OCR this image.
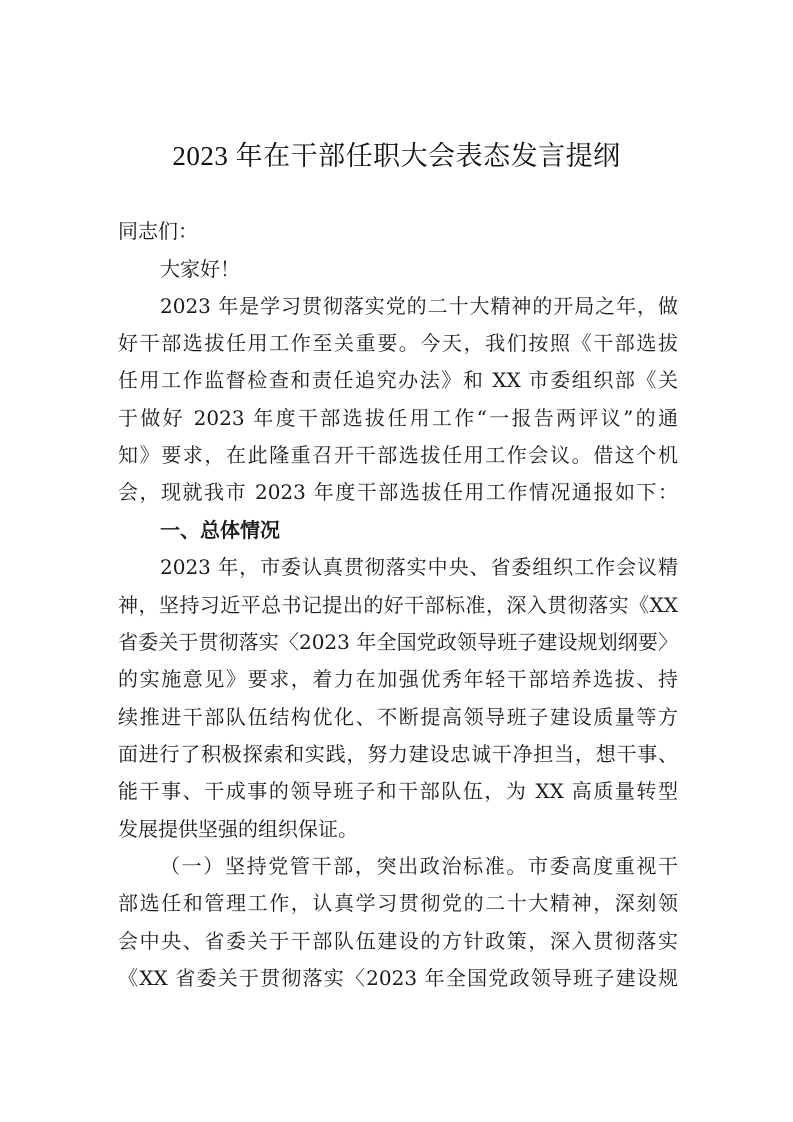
2023 年在干部任职大会表态发言提纲
同志们：
大家好！
2023 年是学习贯彻落实党的二十大精神的开局之年，做
好干部选拔任用工作至关重要。今天，我们按照《干部选拔
任用工作监督检查和责任追究办法》和 XX 市委组织部《关
于做好 2023 年度干部选拔任用工作“一报告两评议”的通
知》要求，在此隆重召开干部选拔任用工作会议。借这个机
会，现就我市 2023 年度干部选拔任用工作情况通报如下：
一、总体情况
2023 年，市委认真贯彻落实中央、省委组织工作会议精
神，坚持习近平总书记提出的好干部标准，深入贯彻落实《XX
省委关于贯彻落实〈2023 年全国党政领导班子建设规划纲要〉
的实施意见》要求，着力在加强优秀年轻干部培养选拔、持
续推进干部队伍结构优化、不断提高领导班子建设质量等方
面进行了积极探索和实践，努力建设忠诚干净担当，想干事、
能干事、干成事的领导班子和干部队伍，为 XX 高质量转型
发展提供坚强的组织保证。
（一）坚持党管干部，突出政治标准。市委高度重视干
部选任和管理工作，认真学习贯彻党的二十大精神，深刻领
会中央、省委关于干部队伍建设的方针政策，深入贯彻落实
《XX 省委关于贯彻落实〈2023 年全国党政领导班子建设规
